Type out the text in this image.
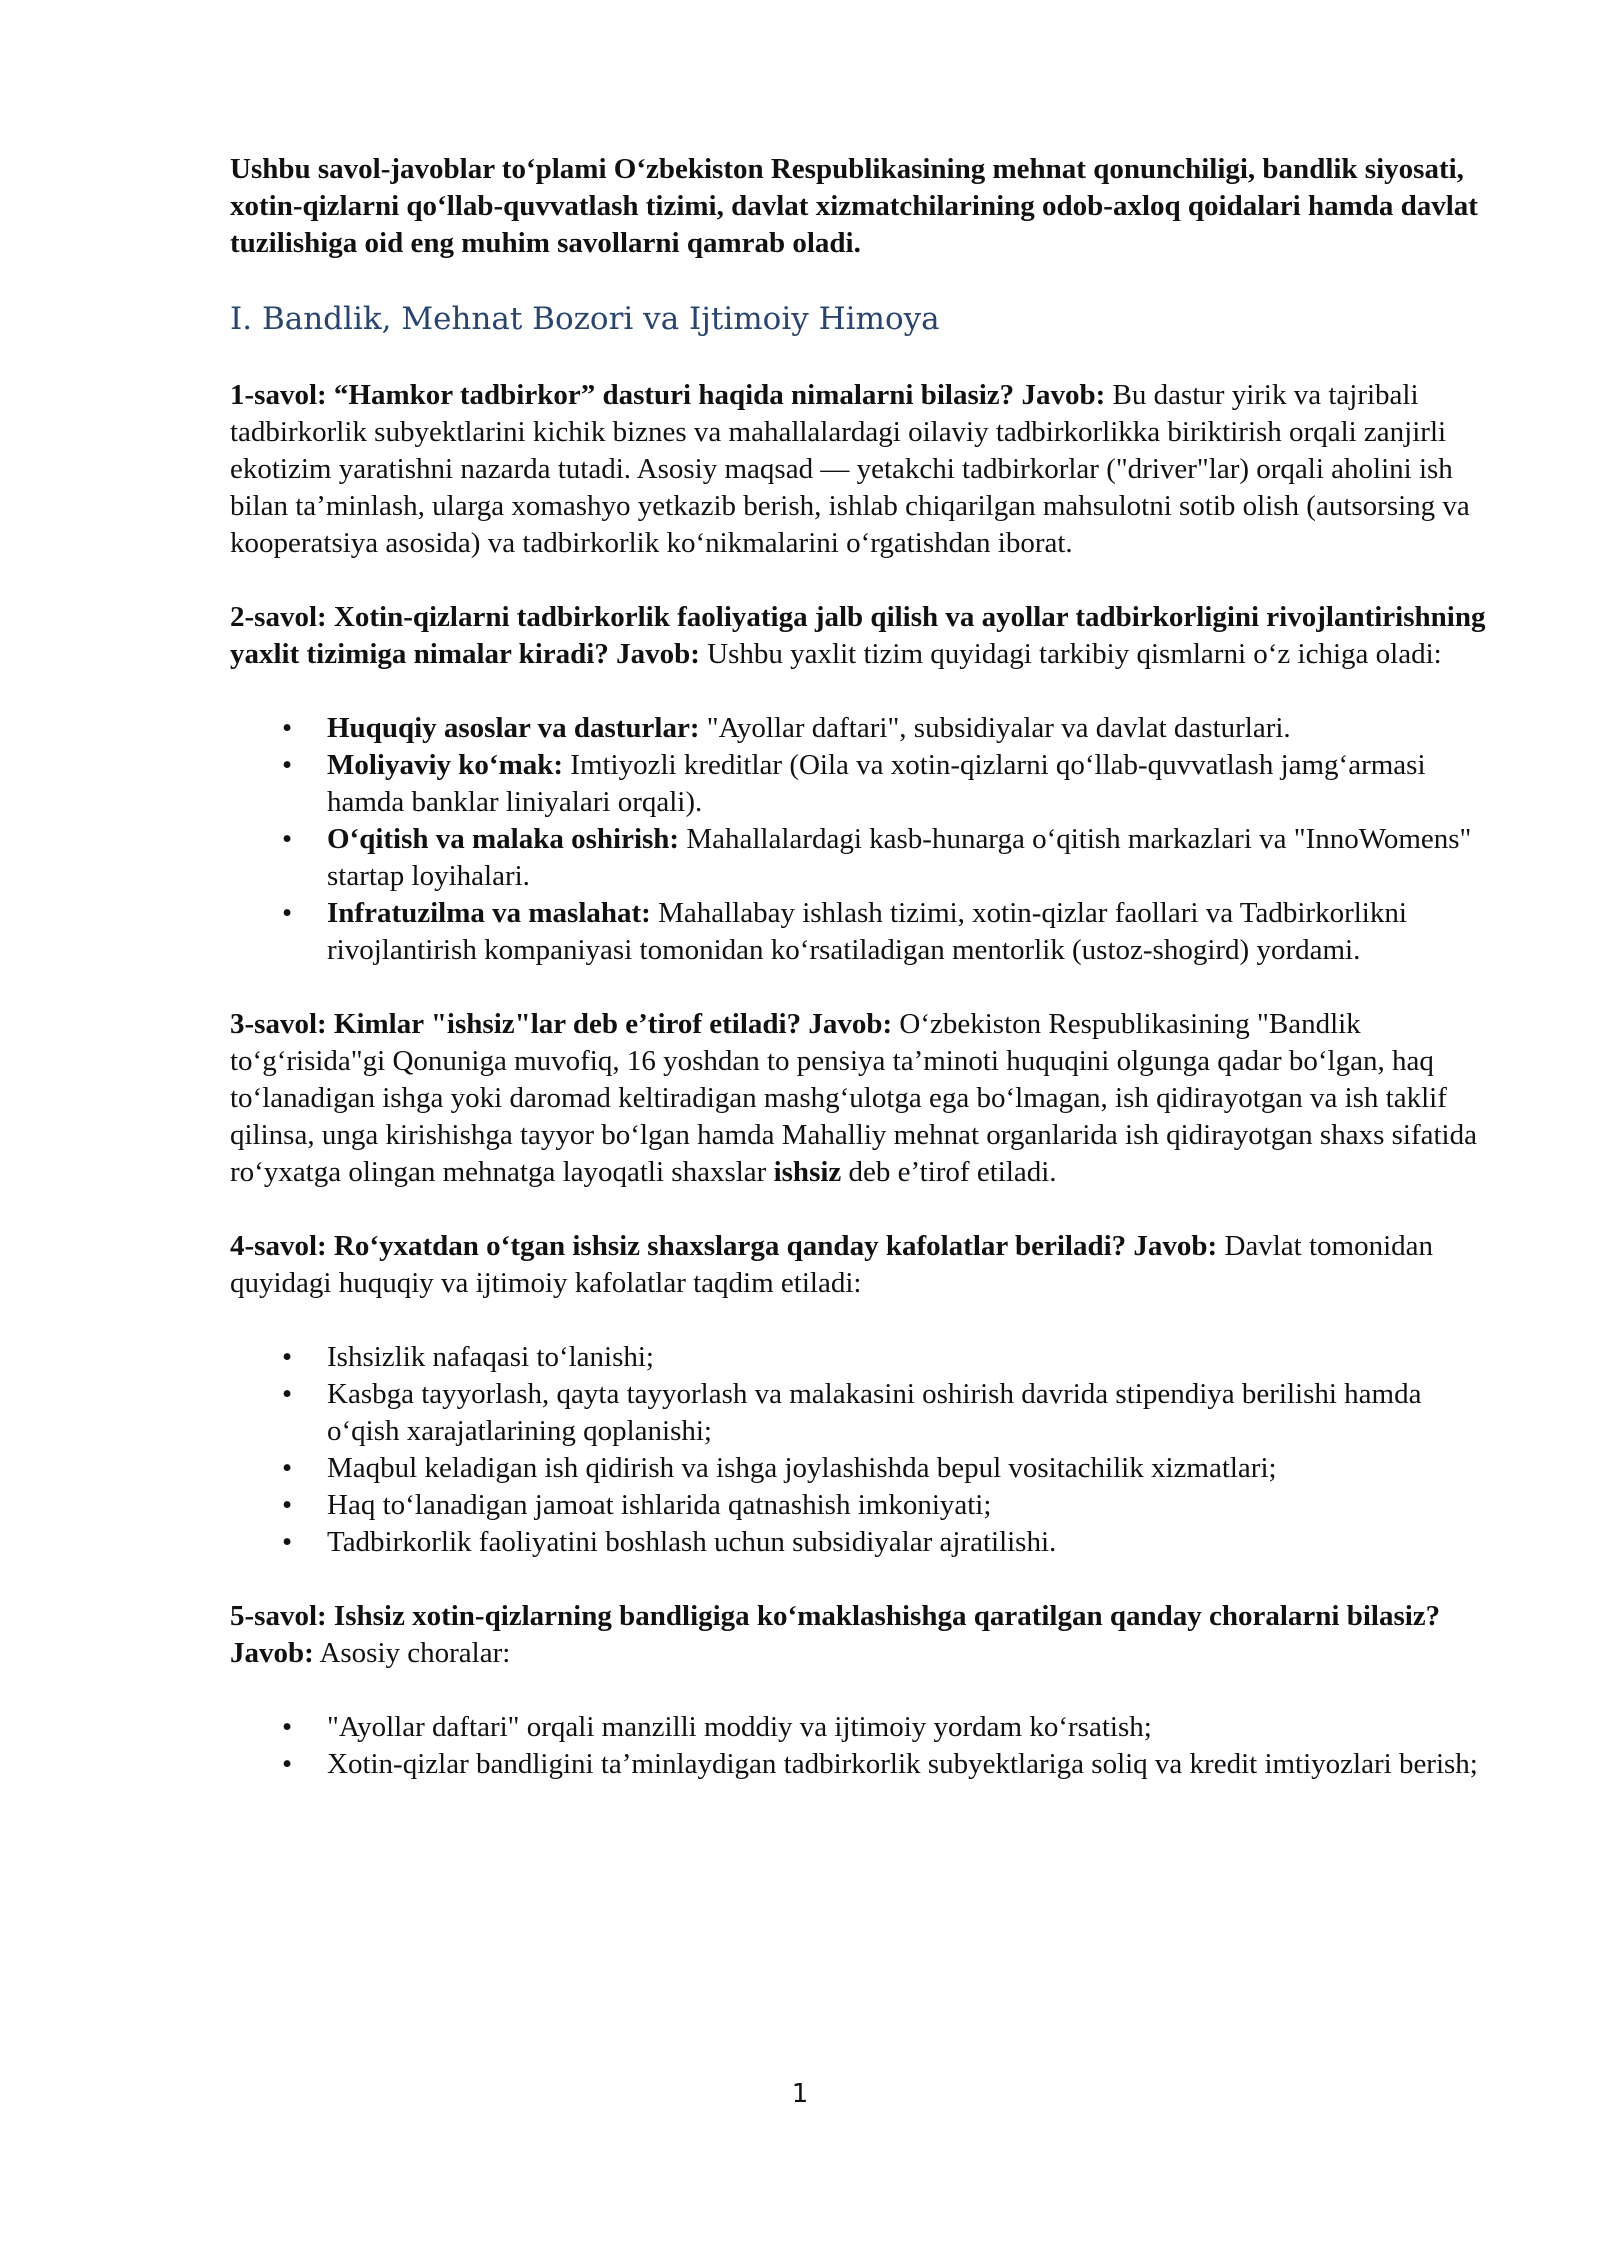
Ushbu savol-javoblar to‘plami O‘zbekiston Respublikasining mehnat qonunchiligi, bandlik siyosati, xotin-qizlarni qo‘llab-quvvatlash tizimi, davlat xizmatchilarining odob-axloq qoidalari hamda davlat tuzilishiga oid eng muhim savollarni qamrab oladi.

I. Bandlik, Mehnat Bozori va Ijtimoiy Himoya

1-savol: “Hamkor tadbirkor” dasturi haqida nimalarni bilasiz? Javob: Bu dastur yirik va tajribali tadbirkorlik subyektlarini kichik biznes va mahallalardagi oilaviy tadbirkorlikka biriktirish orqali zanjirli ekotizim yaratishni nazarda tutadi. Asosiy maqsad — yetakchi tadbirkorlar ("driver"lar) orqali aholini ish bilan ta’minlash, ularga xomashyo yetkazib berish, ishlab chiqarilgan mahsulotni sotib olish (autsorsing va kooperatsiya asosida) va tadbirkorlik ko‘nikmalarini o‘rgatishdan iborat.

2-savol: Xotin-qizlarni tadbirkorlik faoliyatiga jalb qilish va ayollar tadbirkorligini rivojlantirishning yaxlit tizimiga nimalar kiradi? Javob: Ushbu yaxlit tizim quyidagi tarkibiy qismlarni o‘z ichiga oladi:

• Huquqiy asoslar va dasturlar: "Ayollar daftari", subsidiyalar va davlat dasturlari.
• Moliyaviy ko‘mak: Imtiyozli kreditlar (Oila va xotin-qizlarni qo‘llab-quvvatlash jamg‘armasi hamda banklar liniyalari orqali).
• O‘qitish va malaka oshirish: Mahallalardagi kasb-hunarga o‘qitish markazlari va "InnoWomens" startap loyihalari.
• Infratuzilma va maslahat: Mahallabay ishlash tizimi, xotin-qizlar faollari va Tadbirkorlikni rivojlantirish kompaniyasi tomonidan ko‘rsatiladigan mentorlik (ustoz-shogird) yordami.

3-savol: Kimlar "ishsiz"lar deb e’tirof etiladi? Javob: O‘zbekiston Respublikasining "Bandlik to‘g‘risida"gi Qonuniga muvofiq, 16 yoshdan to pensiya ta’minoti huquqini olgunga qadar bo‘lgan, haq to‘lanadigan ishga yoki daromad keltiradigan mashg‘ulotga ega bo‘lmagan, ish qidirayotgan va ish taklif qilinsa, unga kirishishga tayyor bo‘lgan hamda Mahalliy mehnat organlarida ish qidirayotgan shaxs sifatida ro‘yxatga olingan mehnatga layoqatli shaxslar ishsiz deb e’tirof etiladi.

4-savol: Ro‘yxatdan o‘tgan ishsiz shaxslarga qanday kafolatlar beriladi? Javob: Davlat tomonidan quyidagi huquqiy va ijtimoiy kafolatlar taqdim etiladi:

• Ishsizlik nafaqasi to‘lanishi;
• Kasbga tayyorlash, qayta tayyorlash va malakasini oshirish davrida stipendiya berilishi hamda o‘qish xarajatlarining qoplanishi;
• Maqbul keladigan ish qidirish va ishga joylashishda bepul vositachilik xizmatlari;
• Haq to‘lanadigan jamoat ishlarida qatnashish imkoniyati;
• Tadbirkorlik faoliyatini boshlash uchun subsidiyalar ajratilishi.

5-savol: Ishsiz xotin-qizlarning bandligiga ko‘maklashishga qaratilgan qanday choralarni bilasiz? Javob: Asosiy choralar:

• "Ayollar daftari" orqali manzilli moddiy va ijtimoiy yordam ko‘rsatish;
• Xotin-qizlar bandligini ta’minlaydigan tadbirkorlik subyektlariga soliq va kredit imtiyozlari berish;
1
